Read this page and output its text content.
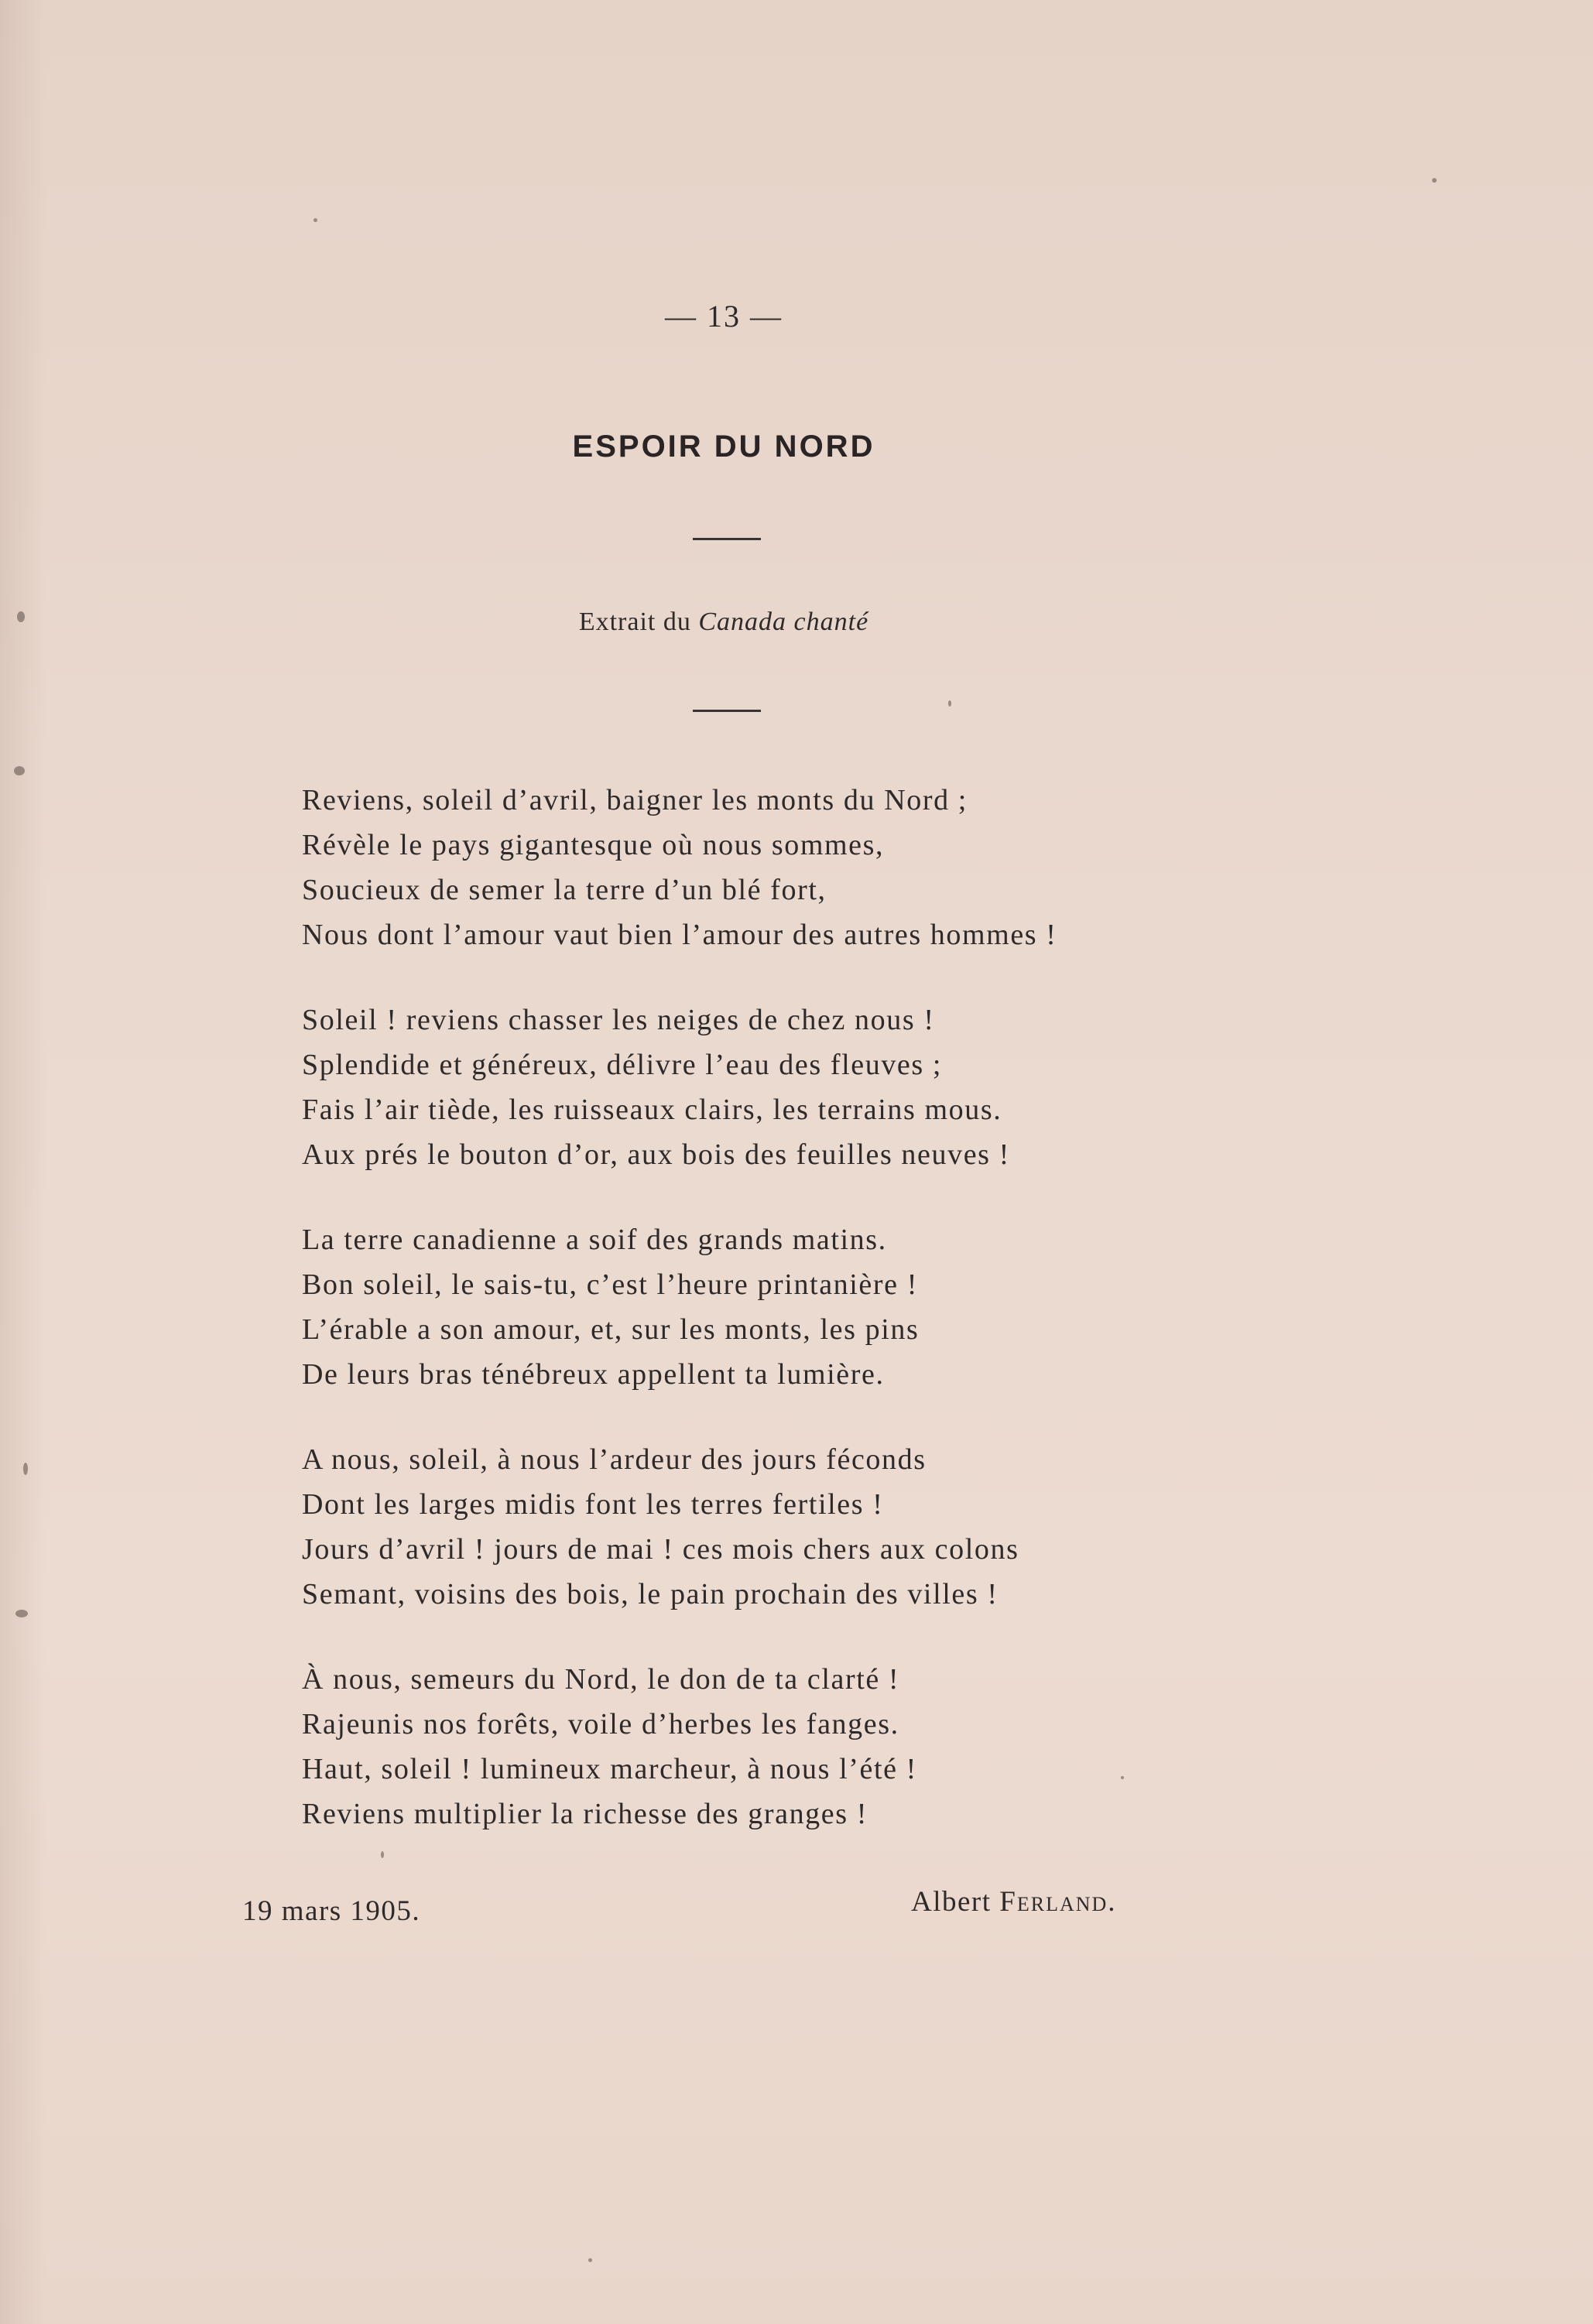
— 13 —
ESPOIR DU NORD
Extrait du Canada chanté
Reviens, soleil d’avril, baigner les monts du Nord ;
Révèle le pays gigantesque où nous sommes,
Soucieux de semer la terre d’un blé fort,
Nous dont l’amour vaut bien l’amour des autres hommes !
Soleil ! reviens chasser les neiges de chez nous !
Splendide et généreux, délivre l’eau des fleuves ;
Fais l’air tiède, les ruisseaux clairs, les terrains mous.
Aux prés le bouton d’or, aux bois des feuilles neuves !
La terre canadienne a soif des grands matins.
Bon soleil, le sais-tu, c’est l’heure printanière !
L’érable a son amour, et, sur les monts, les pins
De leurs bras ténébreux appellent ta lumière.
A nous, soleil, à nous l’ardeur des jours féconds
Dont les larges midis font les terres fertiles !
Jours d’avril ! jours de mai ! ces mois chers aux colons
Semant, voisins des bois, le pain prochain des villes !
À nous, semeurs du Nord, le don de ta clarté !
Rajeunis nos forêts, voile d’herbes les fanges.
Haut, soleil ! lumineux marcheur, à nous l’été !
Reviens multiplier la richesse des granges !
19 mars 1905.	Albert Ferland.
